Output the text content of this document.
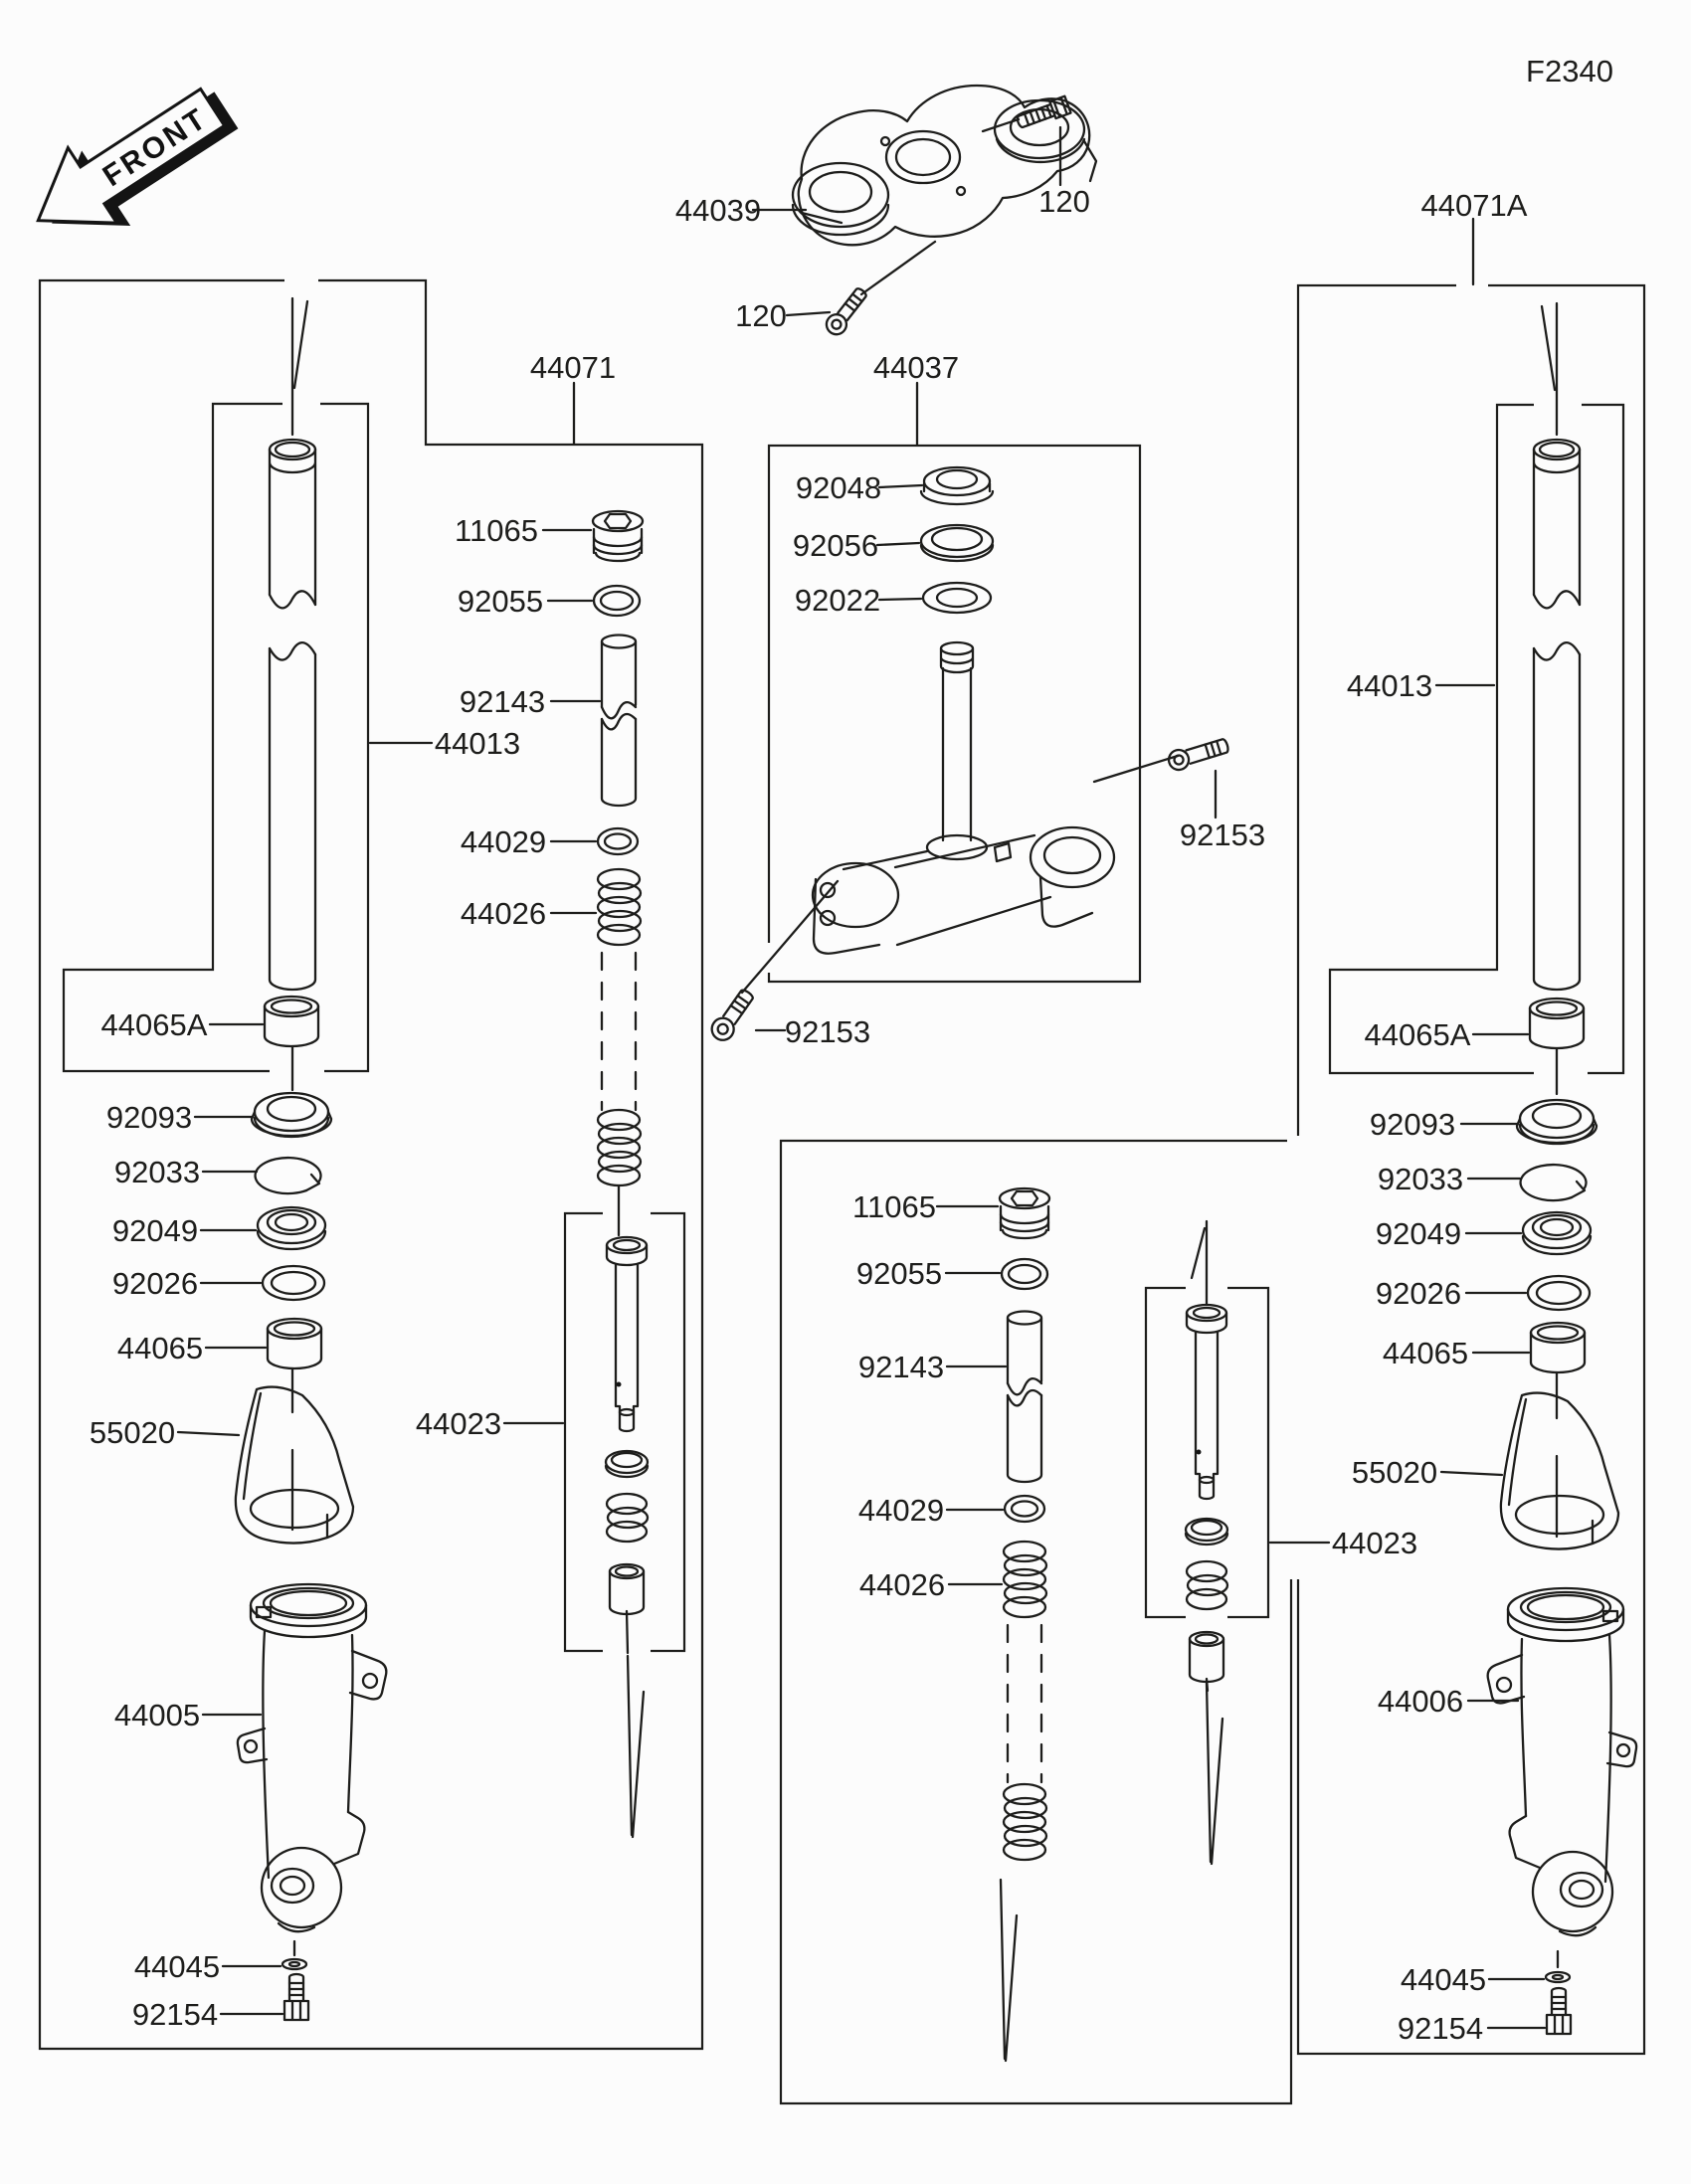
FRONT
F2340
44039	120
120
44071A
44071	44037
92048
92056
92022
92153
92153
11065
92055
92143
44013
44029
44026
44013
44065A	44065A
92093	92093
92033	92033
92049	92049
92026	92026
44065	44065
55020
55020
44023
44023
11065
92055
92143
44029
44026
44005	44006
44045	44045
92154	92154
